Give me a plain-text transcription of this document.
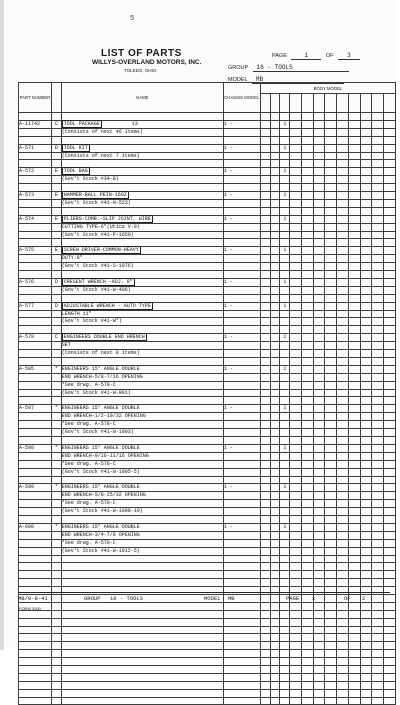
5
LIST OF PARTS
WILLYS-OVERLAND MOTORS, INC.
TOLEDO, OHIO
PAGE	1	OF 3
GROUP 16 - TOOLS
MODEL MB
PART NUMBER		NAME	CHASSIS MODEL	BODY MODEL											

A-11742	C	TOOL PACKAGE 13	1 -			1									
		(Consists of next 46 items)													

A-571	D	TOOL KIT	1 -			1									
		(Consists of next 7 items)													

A-572	E	TOOL BAG	1 -			1									
		(Gov't Stock #34-B)													

A-573	E	HAMMER-BALL PEIN-16OZ	1 -			1									
		(Gov't Stock #41-H-523)													

A-574	E	PLIERS-COMB.-SLIP JOINT, WIRE	1 -			1									
		CUTTING TYPE-6"(Utica V-0)													
		(Gov't Stock #41-P-1650)													

A-575	E	SCREW DRIVER-COMMON-HEAVY	1 -			1									
		DUTY-8"													
		(Gov't Stock #41-S-1076)													

A-576	D	CRESENT WRENCH -ADJ. 8"	1 -			1									
		(Gov't Stock #41-W-486)													

A-577	D	ADJUSTABLE WRENCH - AUTO TYPE	1 -			1									
		LENGTH 11"													
		(Gov't Stock #41-W*)													

A-578	C	ENGINEERS DOUBLE END WRENCH	1 -			1									
		SET													
		(Consists of next 8 items)													

A-595	*	ENGINEERS 15° ANGLE DOUBLE	1 -			1									
		END WRENCH-5/8-7/16 OPENING													
		*See drwg. A-578-C													
		(Gov't Stock #41-W-991)													

A-597	*	ENGINEERS 15° ANGLE DOUBLE	1 -			1									
		END WRENCH-1/2-19/32 OPENING													
		*See drwg. A-578-C													
		(Gov't Stock #41-W-1003)													

A-598	*	ENGINEERS 15° ANGLE DOUBLE	1 -			1									
		END WRENCH-9/16-11/16 OPENING													
		*See drwg. A-578-C													
		(Gov't Stock #41-W-1005-5)													

A-599	*	ENGINEERS 15° ANGLE DOUBLE	1 -			1									
		END WRENCH-5/8-25/32 OPENING													
		*See drwg. A-578-C													
		(Gov't Stock #41-W-1008-10)													

A-600	*	ENGINEERS 15° ANGLE DOUBLE	1 -			1									
		END WRENCH-3/4-7/8 OPENING													
		*See drwg. A-578-C													
		(Gov't Stock #41-W-1012-5)													

MB/9-8-41	GROUP 16 - TOOLS	MODEL MB	PAGE 1	OF 2
FORM 3000
